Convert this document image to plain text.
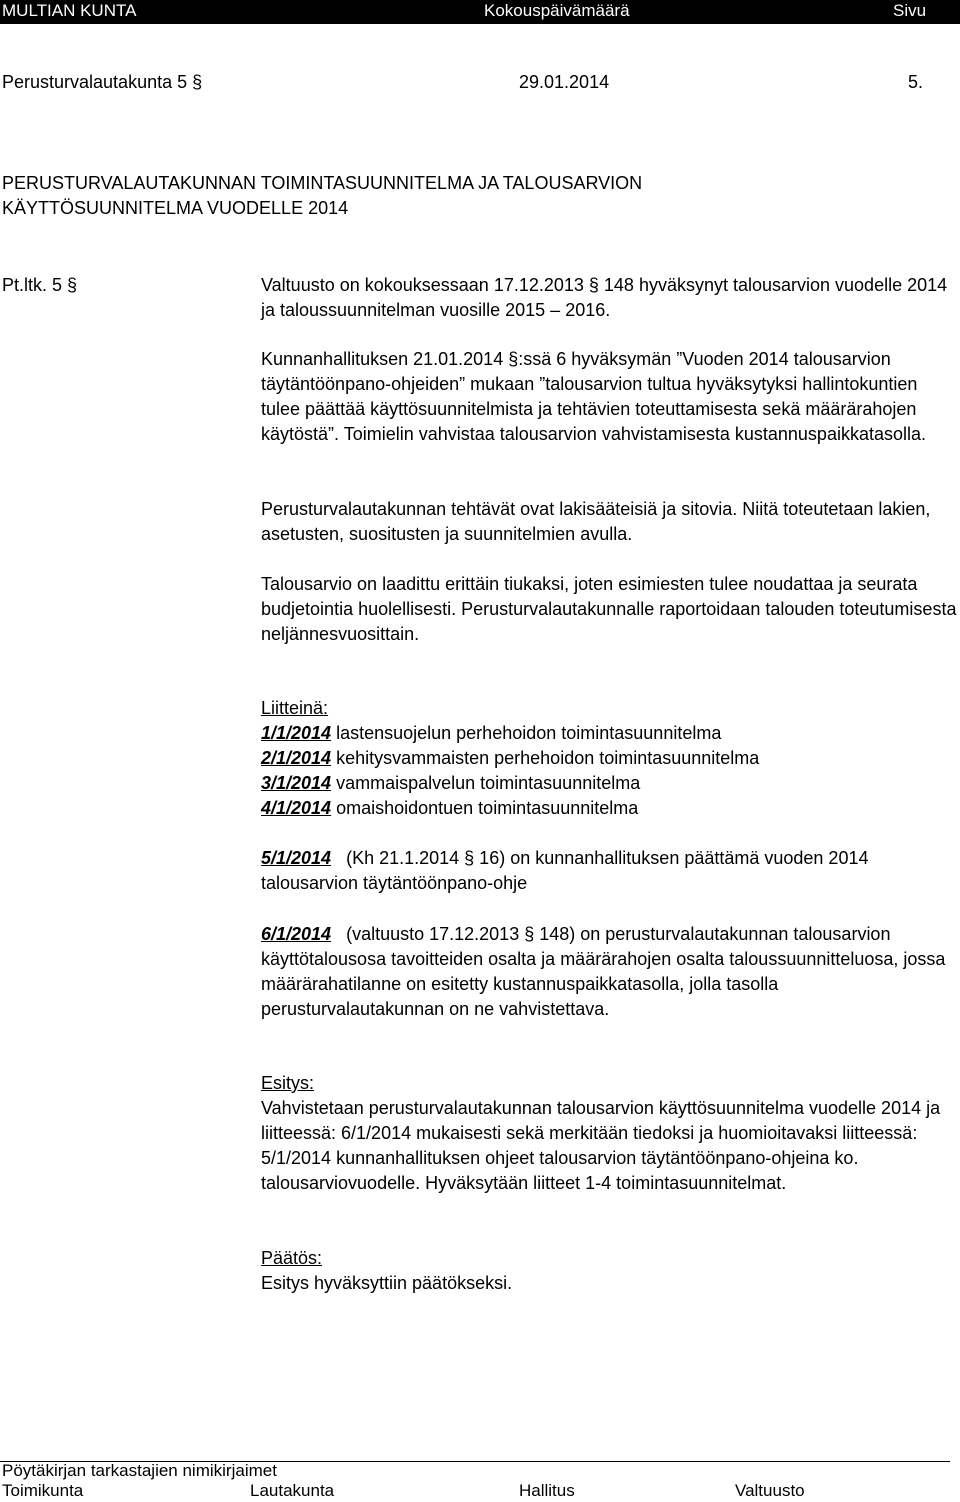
MULTIAN KUNTA	Kokouspäivämäärä	Sivu
Perusturvalautakunta 5 §	29.01.2014	5.
PERUSTURVALAUTAKUNNAN TOIMINTASUUNNITELMA JA TALOUSARVION
KÄYTTÖSUUNNITELMA VUODELLE 2014
Pt.ltk. 5 §	Valtuusto on kokouksessaan 17.12.2013 § 148 hyväksynyt talousarvion vuodelle 2014 ja taloussuunnitelman vuosille 2015 – 2016.

Kunnanhallituksen 21.01.2014 §:ssä 6 hyväksymän ”Vuoden 2014 talousarvion täytäntöönpano-ohjeiden” mukaan ”talousarvion tultua hyväksytyksi hallintokuntien tulee päättää käyttösuunnitelmista ja tehtävien toteuttamisesta sekä määrärahojen käytöstä”. Toimielin vahvistaa talousarvion vahvistamisesta kustannuspaikkatasolla.

Perusturvalautakunnan tehtävät ovat lakisääteisiä ja sitovia. Niitä toteutetaan lakien, asetusten, suositusten ja suunnitelmien avulla.

Talousarvio on laadittu erittäin tiukaksi, joten esimiesten tulee noudattaa ja seurata budjetointia huolellisesti. Perusturvalautakunnalle raportoidaan talouden toteutumisesta neljännesvuosittain.

Liitteinä:
1/1/2014 lastensuojelun perhehoidon toimintasuunnitelma
2/1/2014 kehitysvammaisten perhehoidon toimintasuunnitelma
3/1/2014 vammaispalvelun toimintasuunnitelma
4/1/2014 omaishoidontuen toimintasuunnitelma
5/1/2014   (Kh 21.1.2014 § 16) on kunnanhallituksen päättämä vuoden 2014 talousarvion täytäntöönpano-ohje
6/1/2014   (valtuusto 17.12.2013 § 148) on perusturvalautakunnan talousarvion käyttötalousosa tavoitteiden osalta ja määrärahojen osalta taloussuunnitteluosa, jossa määrärahatilanne on esitetty kustannuspaikkatasolla, jolla tasolla perusturvalautakunnan on ne vahvistettava.
Esitys:

Vahvistetaan perusturvalautakunnan talousarvion käyttösuunnitelma vuodelle 2014 ja liitteessä: 6/1/2014 mukaisesti sekä merkitään tiedoksi ja huomioitavaksi liitteessä: 5/1/2014 kunnanhallituksen ohjeet talousarvion täytäntöönpano-ohjeina ko. talousarviovuodelle. Hyväksytään liitteet 1-4 toimintasuunnitelmat.

Päätös:

Esitys hyväksyttiin päätökseksi.

Pöytäkirjan tarkastajien nimikirjaimet
Toimikunta	Lautakunta	Hallitus	Valtuusto
